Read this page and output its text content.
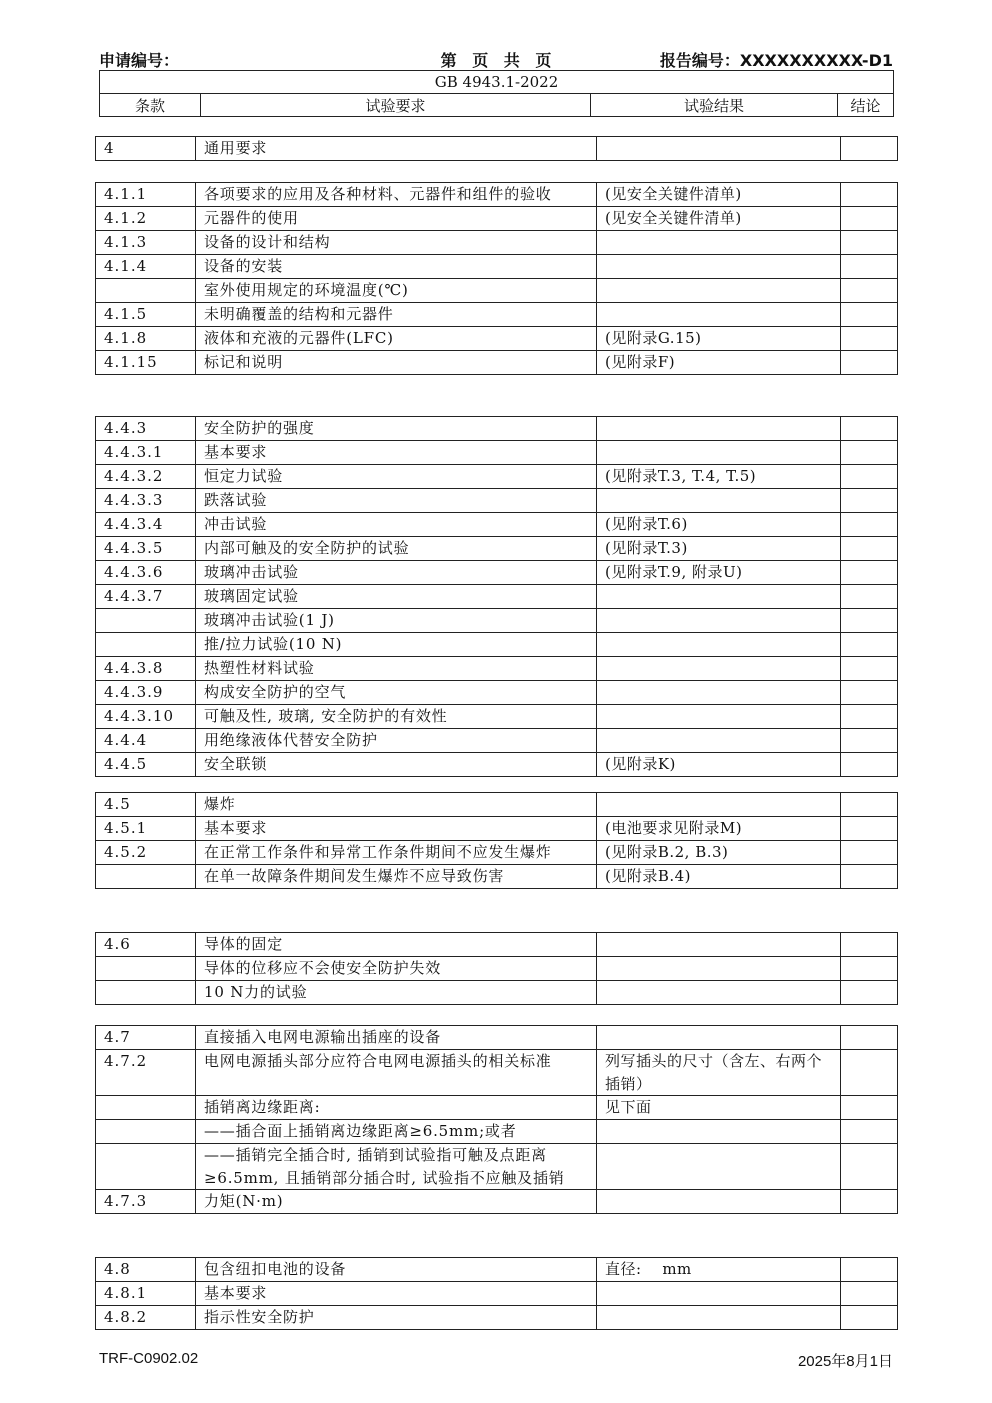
申请编号：	第 页 共 页	报告编号：XXXXXXXXXX-D1
GB 4943.1-2022
条款	试验要求	试验结果	结论
4	通用要求		
4.1.1	各项要求的应用及各种材料、元器件和组件的验收	(见安全关键件清单)	
4.1.2	元器件的使用	(见安全关键件清单)	
4.1.3	设备的设计和结构		
4.1.4	设备的安装		
	室外使用规定的环境温度(℃)		
4.1.5	未明确覆盖的结构和元器件		
4.1.8	液体和充液的元器件(LFC)	(见附录G.15)	
4.1.15	标记和说明	(见附录F)	
4.4.3	安全防护的强度		
4.4.3.1	基本要求		
4.4.3.2	恒定力试验	(见附录T.3, T.4, T.5)	
4.4.3.3	跌落试验		
4.4.3.4	冲击试验	(见附录T.6)	
4.4.3.5	内部可触及的安全防护的试验	(见附录T.3)	
4.4.3.6	玻璃冲击试验	(见附录T.9, 附录U)	
4.4.3.7	玻璃固定试验		
	玻璃冲击试验(1 J)		
	推/拉力试验(10 N)		
4.4.3.8	热塑性材料试验		
4.4.3.9	构成安全防护的空气		
4.4.3.10	可触及性, 玻璃, 安全防护的有效性		
4.4.4	用绝缘液体代替安全防护		
4.4.5	安全联锁	(见附录K)	
4.5	爆炸		
4.5.1	基本要求	(电池要求见附录M)	
4.5.2	在正常工作条件和异常工作条件期间不应发生爆炸	(见附录B.2, B.3)	
	在单一故障条件期间发生爆炸不应导致伤害	(见附录B.4)	
4.6	导体的固定		
	导体的位移应不会使安全防护失效		
	10 N力的试验		
4.7	直接插入电网电源输出插座的设备		
4.7.2	电网电源插头部分应符合电网电源插头的相关标准	列写插头的尺寸（含左、右两个插销）	
	插销离边缘距离:	见下面	
	——插合面上插销离边缘距离≥6.5mm;或者		
	——插销完全插合时, 插销到试验指可触及点距离≥6.5mm, 且插销部分插合时, 试验指不应触及插销		
4.7.3	力矩(N·m)		
4.8	包含纽扣电池的设备	直径:　 mm	
4.8.1	基本要求		
4.8.2	指示性安全防护		
TRF-C0902.02	2025年8月1日
